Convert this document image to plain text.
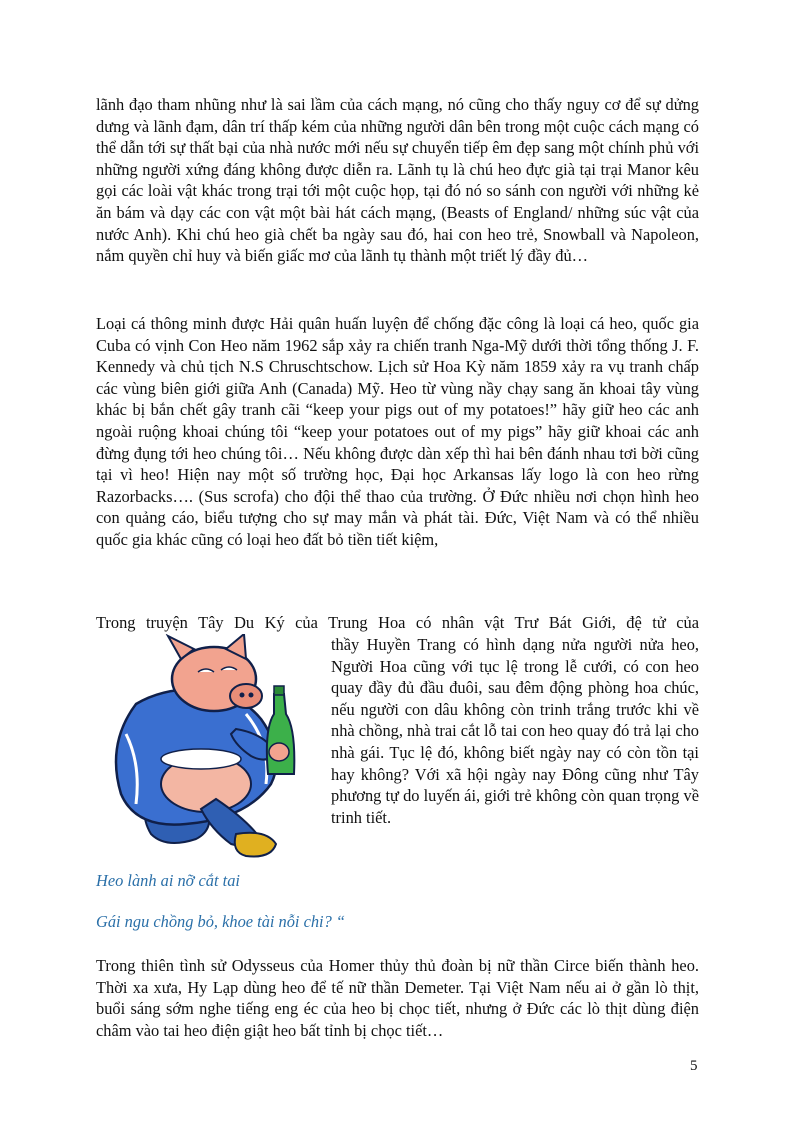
lãnh đạo tham nhũng như là sai lầm của cách mạng, nó cũng cho thấy nguy cơ để sự dửng dưng và lãnh đạm, dân trí thấp kém của những người dân bên trong một cuộc cách mạng có thể dẫn tới sự thất bại của nhà nước mới nếu sự chuyển tiếp êm đẹp sang một chính phủ với những người xứng đáng không được diễn ra. Lãnh tụ là chú heo đực già tại trại Manor kêu gọi các loài vật khác trong trại tới một cuộc họp, tại đó nó so sánh con người với những kẻ ăn bám và dạy các con vật một bài hát cách mạng, (Beasts of England/ những súc vật của nước Anh). Khi chú heo già chết ba ngày sau đó, hai con heo trẻ, Snowball và Napoleon, nắm quyền chỉ huy và biến giấc mơ của lãnh tụ thành một triết lý đầy đủ…

Loại cá thông minh được Hải quân huấn luyện để chống đặc công là loại cá heo, quốc gia Cuba có vịnh Con Heo năm 1962 sắp xảy ra chiến tranh Nga-Mỹ dưới thời tổng thống J. F. Kennedy và chủ tịch N.S Chruschtschow. Lịch sử Hoa Kỳ năm 1859 xảy ra vụ tranh chấp các vùng biên giới giữa Anh (Canada) Mỹ. Heo từ vùng nầy chạy sang ăn khoai tây vùng khác bị bắn chết gây tranh cãi “keep your pigs out of my potatoes!” hãy giữ heo các anh ngoài ruộng khoai chúng tôi “keep your potatoes out of my pigs” hãy giữ khoai các anh đừng đụng tới heo chúng tôi… Nếu không được dàn xếp thì hai bên đánh nhau tơi bời cũng tại vì heo! Hiện nay một số trường học, Đại học Arkansas lấy logo là con heo rừng Razorbacks…. (Sus scrofa) cho đội thể thao của trường. Ở Đức nhiều nơi chọn hình heo con quảng cáo, biểu tượng cho sự may mắn và phát tài. Đức, Việt Nam và có thể nhiều quốc gia khác cũng có loại heo đất bỏ tiền tiết kiệm,

Trong truyện Tây Du Ký của Trung Hoa có nhân vật Trư Bát Giới, đệ tử của

thầy Huyền Trang có hình dạng nửa người nửa heo, Người Hoa cũng với tục lệ trong lễ cưới, có con heo quay đầy đủ đầu đuôi, sau đêm động phòng hoa chúc, nếu người con dâu không còn trinh trắng trước khi về nhà chồng, nhà trai cắt lỗ tai con heo quay đó trả lại cho nhà gái. Tục lệ đó, không biết ngày nay có còn tồn tại hay không? Với xã hội ngày nay Đông cũng như Tây phương tự do luyến ái, giới trẻ không còn quan trọng về trinh tiết.
Heo lành ai nỡ cắt tai
Gái ngu chồng bỏ, khoe tài nỗi chi? “

Trong thiên tình sử Odysseus của Homer thủy thủ đoàn bị nữ thần Circe biến thành heo. Thời xa xưa, Hy Lạp dùng heo để tế nữ thần Demeter. Tại Việt Nam nếu ai ở gần lò thịt, buổi sáng sớm nghe tiếng eng éc của heo bị chọc tiết, nhưng ở Đức các lò thịt dùng điện châm vào tai heo điện giật heo bất tỉnh bị chọc tiết…

5
